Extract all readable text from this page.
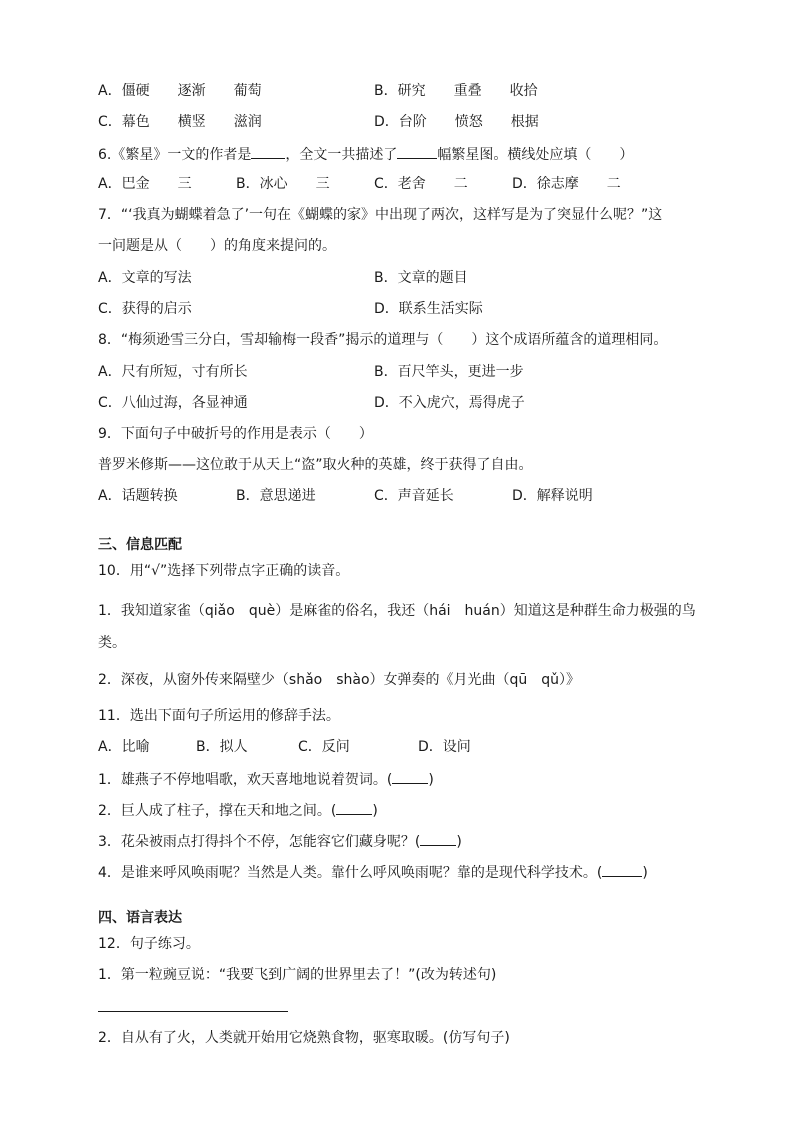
A．僵硬　　逐渐　　葡萄	B．研究　　重叠　　收拾
C．幕色　　横竖　　滋润	D．台阶　　愤怒　　根据
6.《繁星》一文的作者是 ，全文一共描述了	幅繁星图。横线处应填（　　）
A．巴金　　三	B．冰心　　三	C．老舍　　二	D．徐志摩　　二
7．“‘我真为蝴蝶着急了’一句在《蝴蝶的家》中出现了两次，这样写是为了突显什么呢？”这
一问题是从（　　）的角度来提问的。
A．文章的写法	B．文章的题目
C．获得的启示	D．联系生活实际
8．“梅须逊雪三分白，雪却输梅一段香”揭示的道理与（　　）这个成语所蕴含的道理相同。
A．尺有所短，寸有所长	B．百尺竿头，更进一步
C．八仙过海，各显神通	D．不入虎穴，焉得虎子
9．下面句子中破折号的作用是表示（　　）
普罗米修斯——这位敢于从天上“盗”取火种的英雄，终于获得了自由。
A．话题转换	B．意思递进	C．声音延长	D．解释说明
三、信息匹配
10．用“√”选择下列带点字正确的读音。
1．我知道家雀（qiǎo　què）是麻雀的俗名，我还（hái　huán）知道这是种群生命力极强的鸟
类。
2．深夜，从窗外传来隔壁少（shǎo　shào）女弹奏的《月光曲（qū　qǔ）》
11．选出下面句子所运用的修辞手法。
A．比喻	B．拟人	C．反问	D．设问
1．雄燕子不停地唱歌，欢天喜地地说着贺词。(	)
2．巨人成了柱子，撑在天和地之间。(	)
3．花朵被雨点打得抖个不停，怎能容它们藏身呢？(	)
4．是谁来呼风唤雨呢？当然是人类。靠什么呼风唤雨呢？靠的是现代科学技术。(	)
四、语言表达
12．句子练习。
1．第一粒豌豆说：“我要飞到广阔的世界里去了！”(改为转述句)
2．自从有了火，人类就开始用它烧熟食物，驱寒取暖。(仿写句子)
